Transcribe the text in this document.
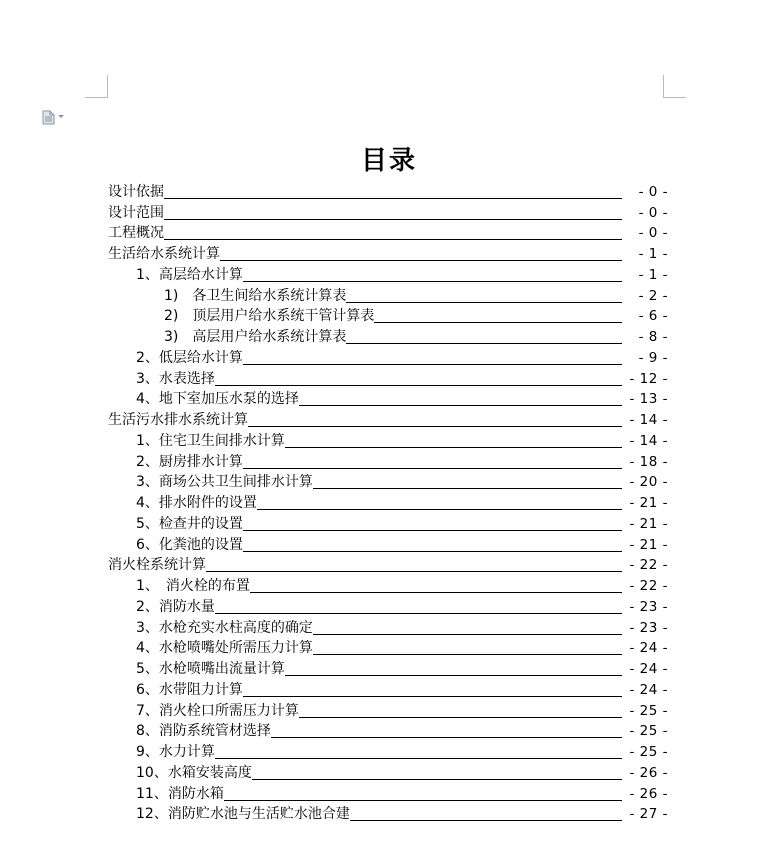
目录
设计依据	- 0 -
设计范围	- 0 -
工程概况	- 0 -
生活给水系统计算	- 1 -
1、高层给水计算	- 1 -
1)　各卫生间给水系统计算表	- 2 -
2)　顶层用户给水系统干管计算表	- 6 -
3)　高层用户给水系统计算表	- 8 -
2、低层给水计算	- 9 -
3、水表选择	- 12 -
4、地下室加压水泵的选择	- 13 -
生活污水排水系统计算	- 14 -
1、住宅卫生间排水计算	- 14 -
2、厨房排水计算	- 18 -
3、商场公共卫生间排水计算	- 20 -
4、排水附件的设置	- 21 -
5、检查井的设置	- 21 -
6、化粪池的设置	- 21 -
消火栓系统计算	- 22 -
1、　消火栓的布置	- 22 -
2、消防水量	- 23 -
3、水枪充实水柱高度的确定	- 23 -
4、水枪喷嘴处所需压力计算	- 24 -
5、水枪喷嘴出流量计算	- 24 -
6、水带阻力计算	- 24 -
7、消火栓口所需压力计算	- 25 -
8、消防系统管材选择	- 25 -
9、水力计算	- 25 -
10、水箱安装高度	- 26 -
11、消防水箱	- 26 -
12、消防贮水池与生活贮水池合建	- 27 -
